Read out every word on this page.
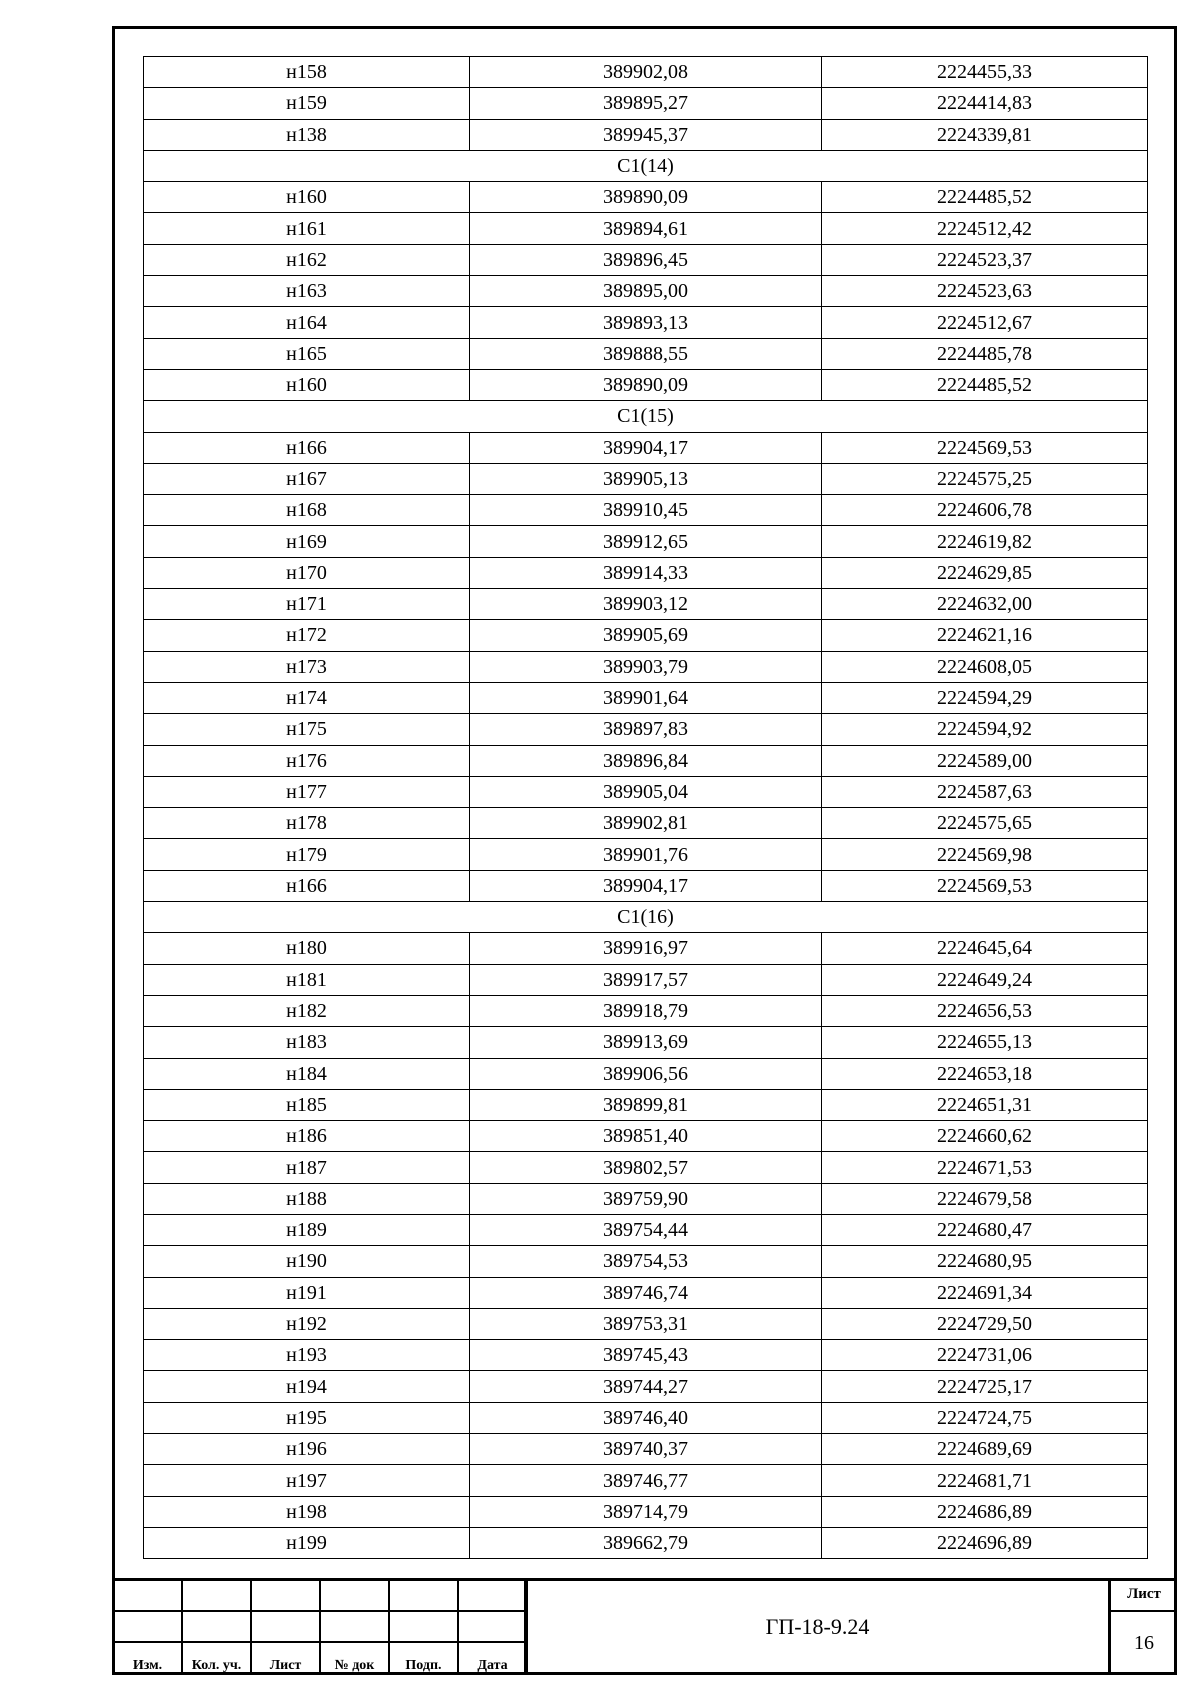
н158	389902,08	2224455,33
н159	389895,27	2224414,83
н138	389945,37	2224339,81
С1(14)		
н160	389890,09	2224485,52
н161	389894,61	2224512,42
н162	389896,45	2224523,37
н163	389895,00	2224523,63
н164	389893,13	2224512,67
н165	389888,55	2224485,78
н160	389890,09	2224485,52
С1(15)		
н166	389904,17	2224569,53
н167	389905,13	2224575,25
н168	389910,45	2224606,78
н169	389912,65	2224619,82
н170	389914,33	2224629,85
н171	389903,12	2224632,00
н172	389905,69	2224621,16
н173	389903,79	2224608,05
н174	389901,64	2224594,29
н175	389897,83	2224594,92
н176	389896,84	2224589,00
н177	389905,04	2224587,63
н178	389902,81	2224575,65
н179	389901,76	2224569,98
н166	389904,17	2224569,53
С1(16)		
н180	389916,97	2224645,64
н181	389917,57	2224649,24
н182	389918,79	2224656,53
н183	389913,69	2224655,13
н184	389906,56	2224653,18
н185	389899,81	2224651,31
н186	389851,40	2224660,62
н187	389802,57	2224671,53
н188	389759,90	2224679,58
н189	389754,44	2224680,47
н190	389754,53	2224680,95
н191	389746,74	2224691,34
н192	389753,31	2224729,50
н193	389745,43	2224731,06
н194	389744,27	2224725,17
н195	389746,40	2224724,75
н196	389740,37	2224689,69
н197	389746,77	2224681,71
н198	389714,79	2224686,89
н199	389662,79	2224696,89

Изм.	Кол. уч.	Лист	№ док	Подп.	Дата
ГП-18-9.24
Лист
16
